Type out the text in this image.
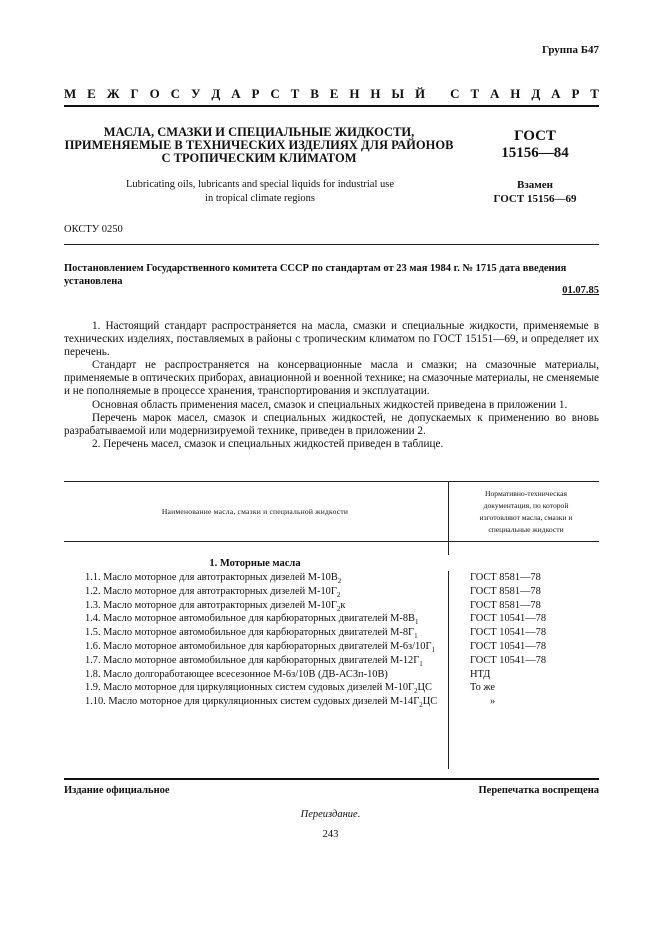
Группа Б47
М Е Ж Г О С У Д А Р С Т В Е Н Н Ы Й
С Т А Н Д А Р Т
МАСЛА, СМАЗКИ И СПЕЦИАЛЬНЫЕ ЖИДКОСТИ,
ПРИМЕНЯЕМЫЕ В ТЕХНИЧЕСКИХ ИЗДЕЛИЯХ ДЛЯ РАЙОНОВ
С ТРОПИЧЕСКИМ КЛИМАТОМ
Lubricating oils, lubricants and special liquids for industrial use
in tropical climate regions
ГОСТ
15156—84
Взамен
ГОСТ 15156—69
ОКСТУ 0250
Постановлением Государственного комитета СССР по стандартам от 23 мая 1984 г. № 1715 дата введения установлена
01.07.85

1. Настоящий стандарт распространяется на масла, смазки и специальные жидкости, применяемые в технических изделиях, поставляемых в районы с тропическим климатом по ГОСТ 15151—69, и определяет их перечень.

Стандарт не распространяется на консервационные масла и смазки; на смазочные материалы, применяемые в оптических приборах, авиационной и военной технике; на смазочные материалы, не сменяемые и не пополняемые в процессе хранения, транспортирования и эксплуатации.

Основная область применения масел, смазок и специальных жидкостей приведена в приложении 1.

Перечень марок масел, смазок и специальных жидкостей, не допускаемых к применению во вновь разрабатываемой или модернизируемой технике, приведен в приложении 2.

2. Перечень масел, смазок и специальных жидкостей приведен в таблице.

Наименование масла, смазки и специальной жидкости
Нормативно-техническая
документация, по которой
изготовляют масла, смазки и
специальные жидкости
1. Моторные масла
1.1. Масло моторное для автотракторных дизелей $М-10В_2$	ГОСТ 8581—78
1.2. Масло моторное для автотракторных дизелей $М-10Г_2$	ГОСТ 8581—78
1.3. Масло моторное для автотракторных дизелей $М-10Г_2к$	ГОСТ 8581—78
1.4. Масло моторное автомобильное для карбюраторных двигателей $М-8В_1$	ГОСТ 10541—78
1.5. Масло моторное автомобильное для карбюраторных двигателей $М-8Г_1$	ГОСТ 10541—78
1.6. Масло моторное автомобильное для карбюраторных двигателей $М-6з/10Г_1$	ГОСТ 10541—78
1.7. Масло моторное автомобильное для карбюраторных двигателей $М-12Г_1$	ГОСТ 10541—78
1.8. Масло долгоработающее всесезонное М-6з/10В (ДВ-АСЗп-10В)	НТД
1.9. Масло моторное для циркуляционных систем судовых дизелей $М-10Г_2ЦС$	То же
1.10. Масло моторное для циркуляционных систем судовых дизелей $М-14Г_2ЦС$	»
Издание официальное	Перепечатка воспрещена
Переиздание.
243
